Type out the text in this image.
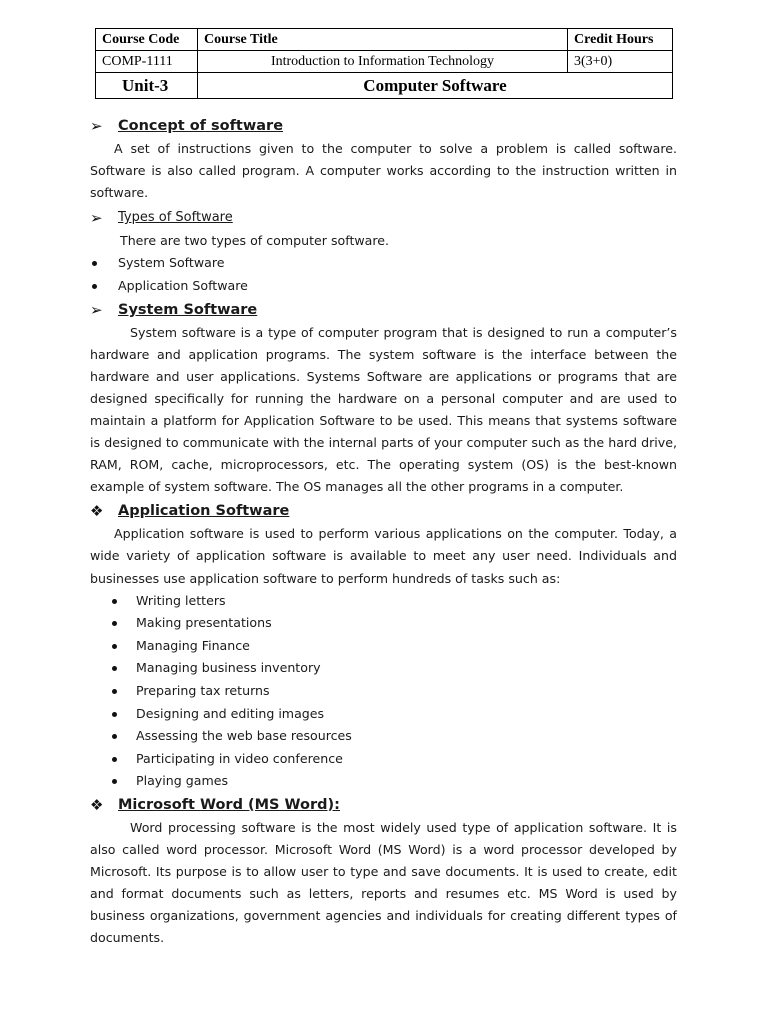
Course Code	Course Title	Credit Hours
COMP-1111	Introduction to Information Technology	3(3+0)
Unit-3	Computer Software	
➢	Concept of software

A set of instructions given to the computer to solve a problem is called software. Software is also called program. A computer works according to the instruction written in software.

➢	Types of Software

There are two types of computer software.

System Software
Application Software
➢	System Software

System software is a type of computer program that is designed to run a computer’s hardware and application programs. The system software is the interface between the hardware and user applications. Systems Software are applications or programs that are designed specifically for running the hardware on a personal computer and are used to maintain a platform for Application Software to be used. This means that systems software is designed to communicate with the internal parts of your computer such as the hard drive, RAM, ROM, cache, microprocessors, etc. The operating system (OS) is the best-known example of system software. The OS manages all the other programs in a computer.

❖	Application Software

Application software is used to perform various applications on the computer. Today, a wide variety of application software is available to meet any user need. Individuals and businesses use application software to perform hundreds of tasks such as:

Writing letters
Making presentations
Managing Finance
Managing business inventory
Preparing tax returns
Designing and editing images
Assessing the web base resources
Participating in video conference
Playing games
❖	Microsoft Word (MS Word):

Word processing software is the most widely used type of application software. It is also called word processor. Microsoft Word (MS Word) is a word processor developed by Microsoft. Its purpose is to allow user to type and save documents. It is used to create, edit and format documents such as letters, reports and resumes etc. MS Word is used by business organizations, government agencies and individuals for creating different types of documents.
